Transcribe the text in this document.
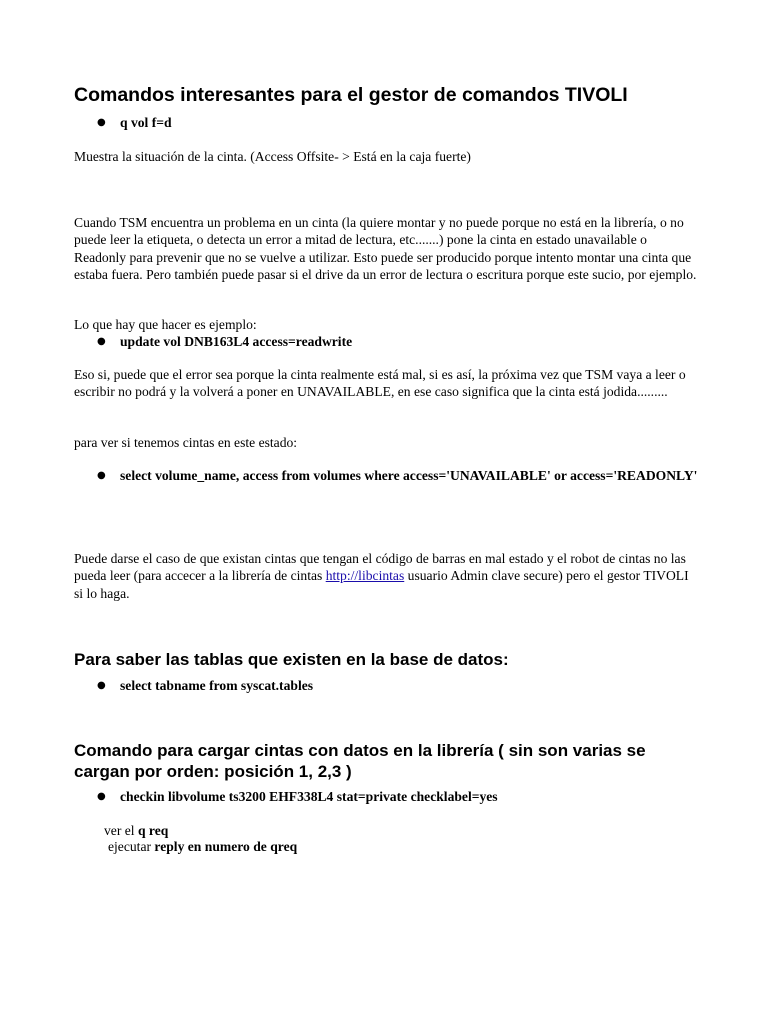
Comandos interesantes para el gestor de comandos TIVOLI
● q vol f=d

Muestra la situación de la cinta. (Access Offsite- > Está en la caja fuerte)

Cuando TSM encuentra un problema en un cinta (la quiere montar y no puede porque no está en la librería, o no puede leer la etiqueta, o detecta un error a mitad de lectura, etc.......) pone la cinta en estado unavailable o Readonly para prevenir que no se vuelve a utilizar. Esto puede ser producido porque intento montar una cinta que estaba fuera. Pero también puede pasar si el drive da un error de lectura o escritura porque este sucio, por ejemplo.

Lo que hay que hacer es ejemplo:

● update vol DNB163L4 access=readwrite

Eso si, puede que el error sea porque la cinta realmente está mal, si es así, la próxima vez que TSM vaya a leer o escribir no podrá y la volverá a poner en UNAVAILABLE, en ese caso significa que la cinta está jodida.........

para ver si tenemos cintas en este estado:

● select volume_name, access from volumes where access='UNAVAILABLE' or access='READONLY'

Puede darse el caso de que existan cintas que tengan el código de barras en mal estado y el robot de cintas no las pueda leer (para accecer a la librería de cintas http://libcintas usuario Admin clave secure) pero el gestor TIVOLI si lo haga.

Para saber las tablas que existen en la base de datos:
● select tabname from syscat.tables
Comando para cargar cintas con datos en la librería ( sin son varias se cargan por orden: posición 1, 2,3 )
● checkin libvolume ts3200 EHF338L4 stat=private checklabel=yes

ver el q req

ejecutar reply en numero de qreq
